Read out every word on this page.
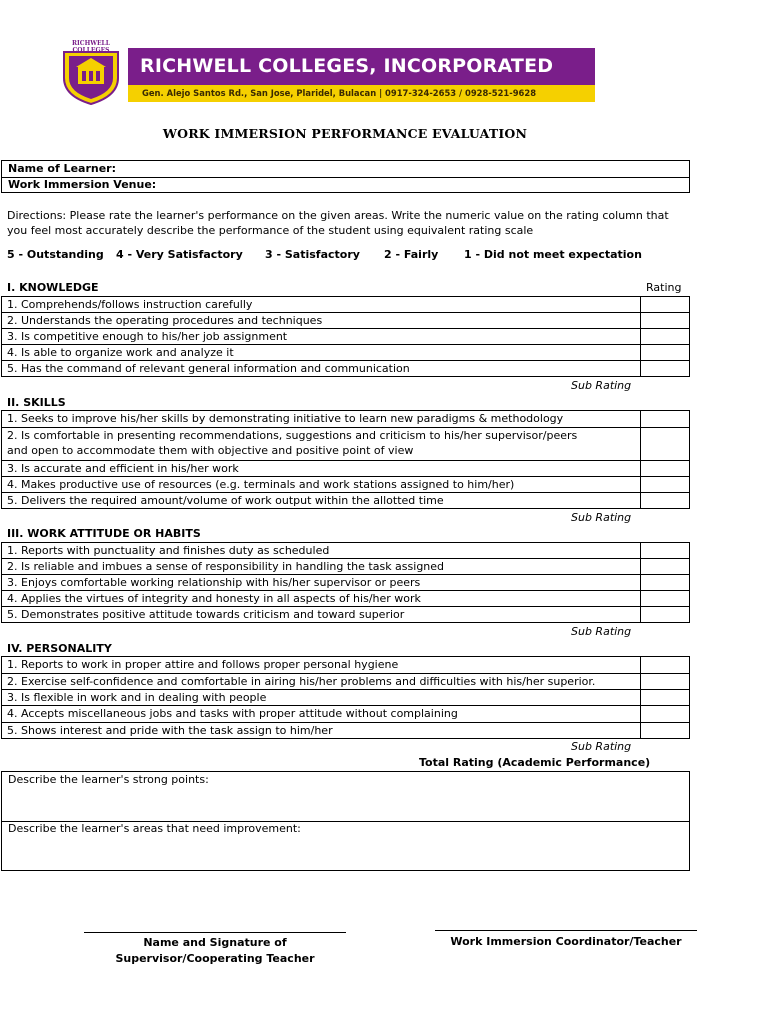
RICHWELL COLLEGES
RICHWELL COLLEGES, INCORPORATED
Gen. Alejo Santos Rd., San Jose, Plaridel, Bulacan | 0917-324-2653 / 0928-521-9628
WORK IMMERSION PERFORMANCE EVALUATION
Name of Learner:
Work Immersion Venue:
Directions: Please rate the learner's performance on the given areas. Write the numeric value on the rating column that
you feel most accurately describe the performance of the student using equivalent rating scale
5 - Outstanding 4 - Very Satisfactory 3 - Satisfactory 2 - Fairly 1 - Did not meet expectation
I. KNOWLEDGE	Rating
1. Comprehends/follows instruction carefully	
2. Understands the operating procedures and techniques	
3. Is competitive enough to his/her job assignment	
4. Is able to organize work and analyze it	
5. Has the command of relevant general information and communication	
Sub Rating
II. SKILLS
1. Seeks to improve his/her skills by demonstrating initiative to learn new paradigms & methodology	

2. Is comfortable in presenting recommendations, suggestions and criticism to his/her supervisor/peers
and open to accommodate them with objective and positive point of view	

3. Is accurate and efficient in his/her work	
4. Makes productive use of resources (e.g. terminals and work stations assigned to him/her)	
5. Delivers the required amount/volume of work output within the allotted time	
Sub Rating
III. WORK ATTITUDE OR HABITS
1. Reports with punctuality and finishes duty as scheduled	
2. Is reliable and imbues a sense of responsibility in handling the task assigned	
3. Enjoys comfortable working relationship with his/her supervisor or peers	
4. Applies the virtues of integrity and honesty in all aspects of his/her work	
5. Demonstrates positive attitude towards criticism and toward superior	
Sub Rating
IV. PERSONALITY
1. Reports to work in proper attire and follows proper personal hygiene	
2. Exercise self-confidence and comfortable in airing his/her problems and difficulties with his/her superior.	
3. Is flexible in work and in dealing with people	
4. Accepts miscellaneous jobs and tasks with proper attitude without complaining	
5. Shows interest and pride with the task assign to him/her	
Sub Rating
Total Rating (Academic Performance)
Describe the learner's strong points:
Describe the learner's areas that need improvement:
Name and Signature of
Supervisor/Cooperating Teacher
Work Immersion Coordinator/Teacher
